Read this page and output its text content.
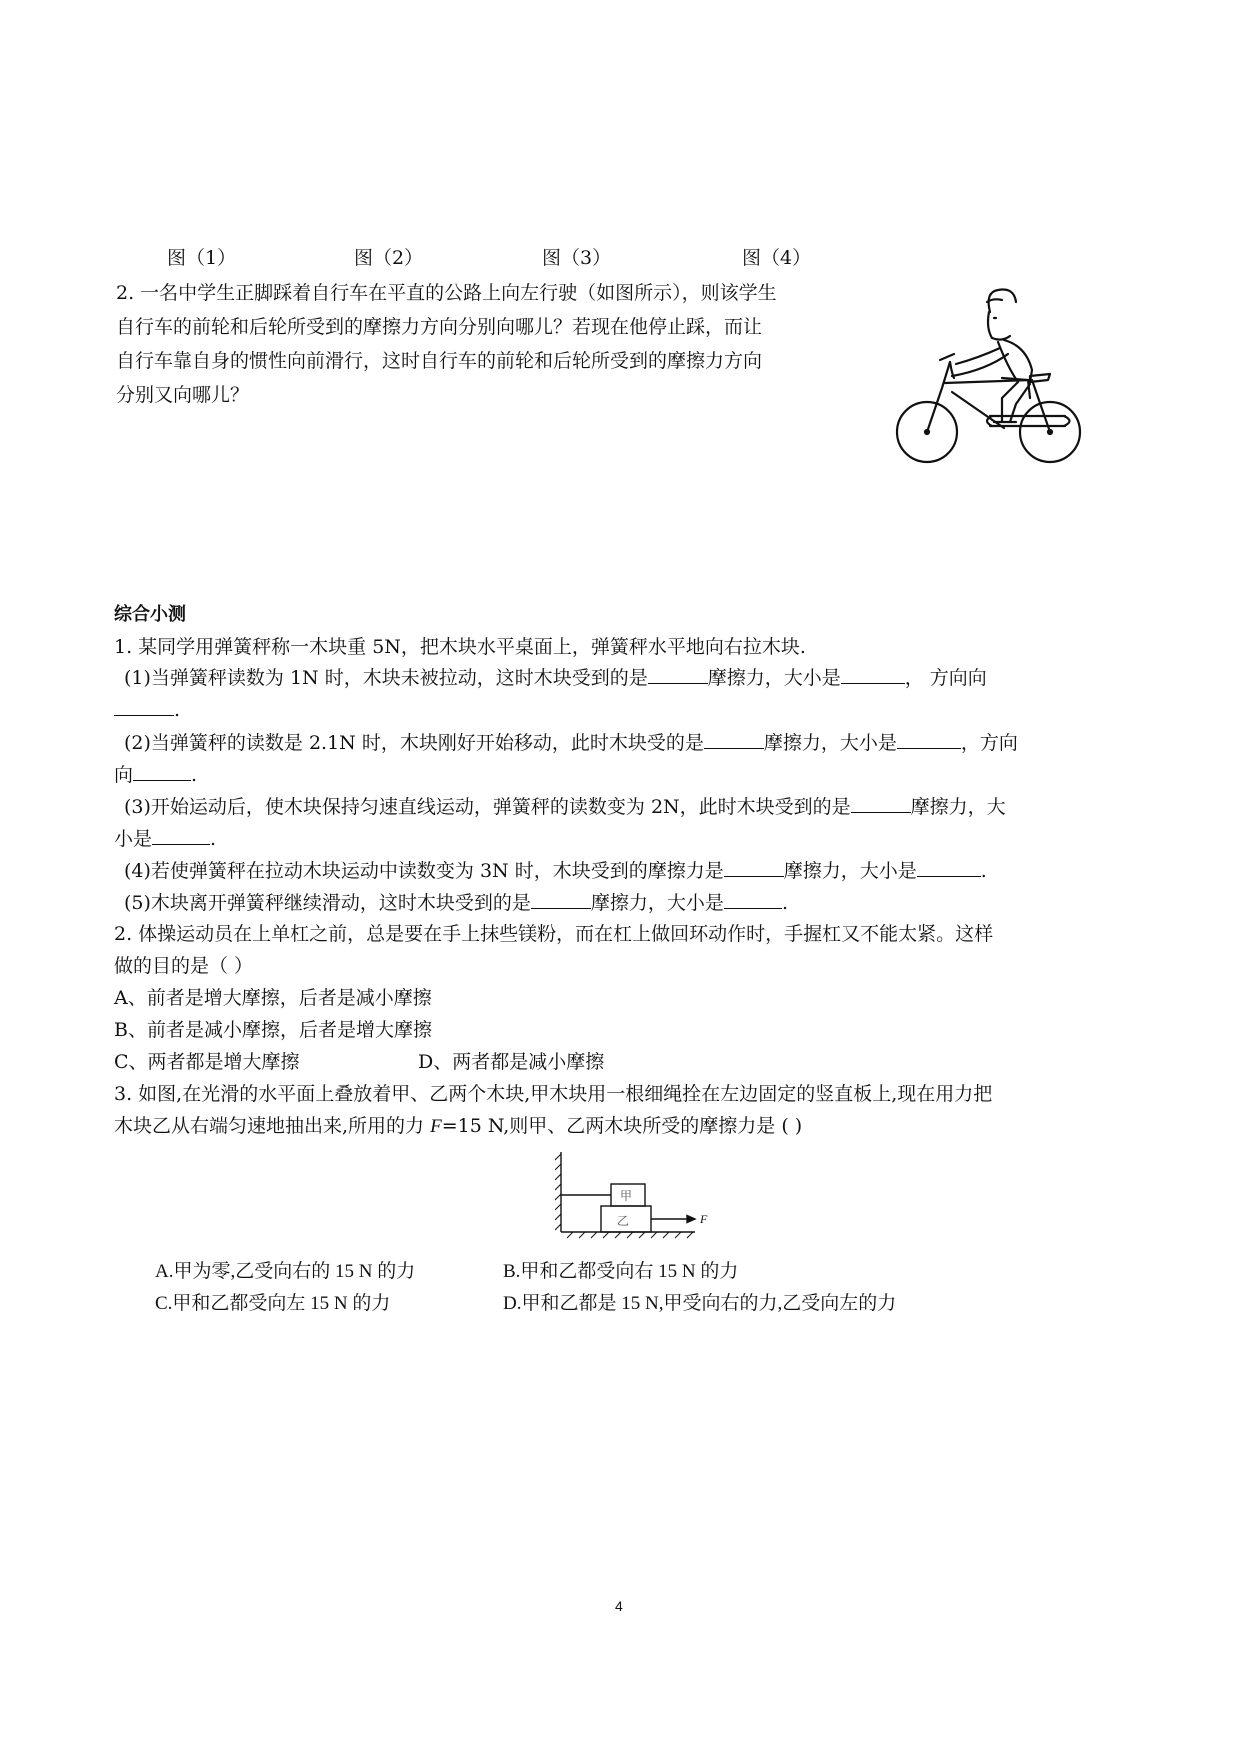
图（1）	图（2）	图（3）	图（4）
2. 一名中学生正脚踩着自行车在平直的公路上向左行驶（如图所示），则该学生
自行车的前轮和后轮所受到的摩擦力方向分别向哪儿？若现在他停止踩，而让
自行车靠自身的惯性向前滑行，这时自行车的前轮和后轮所受到的摩擦力方向
分别又向哪儿？
综合小测
1. 某同学用弹簧秤称一木块重 5N，把木块水平桌面上，弹簧秤水平地向右拉木块.
(1)当弹簧秤读数为 1N 时，木块未被拉动，这时木块受到的是	摩擦力，大小是	， 方向向
.
(2)当弹簧秤的读数是 2.1N 时，木块刚好开始移动，此时木块受的是	摩擦力，大小是	，方向
向	.
(3)开始运动后，使木块保持匀速直线运动，弹簧秤的读数变为 2N，此时木块受到的是	摩擦力，大
小是	.
(4)若使弹簧秤在拉动木块运动中读数变为 3N 时，木块受到的摩擦力是	摩擦力，大小是	.
(5)木块离开弹簧秤继续滑动，这时木块受到的是	摩擦力，大小是	.
2. 体操运动员在上单杠之前，总是要在手上抹些镁粉，而在杠上做回环动作时，手握杠又不能太紧。这样
做的目的是（ ）
A、前者是增大摩擦，后者是减小摩擦
B、前者是减小摩擦，后者是增大摩擦
C、两者都是增大摩擦	D、两者都是减小摩擦
3. 如图,在光滑的水平面上叠放着甲、乙两个木块,甲木块用一根细绳拴在左边固定的竖直板上,现在用力把
木块乙从右端匀速地抽出来,所用的力 F=15 N,则甲、乙两木块所受的摩擦力是 ( )
甲
乙	F
A.甲为零,乙受向右的 15 N 的力	B.甲和乙都受向右 15 N 的力
C.甲和乙都受向左 15 N 的力	D.甲和乙都是 15 N,甲受向右的力,乙受向左的力
4
